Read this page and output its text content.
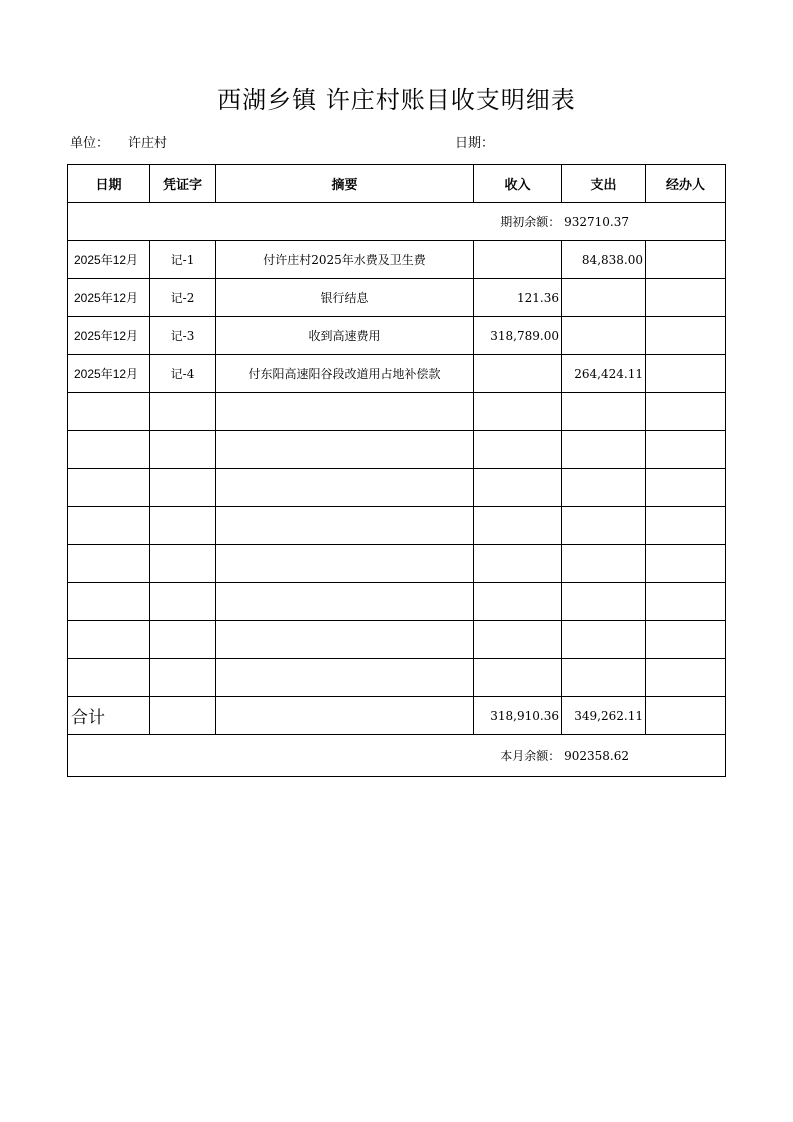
西湖乡镇 许庄村账目收支明细表
单位： 许庄村	日期：
日期	凭证字	摘要	收入	支出	经办人
期初余额： 932710.37					
2025年12月	记-1	付许庄村2025年水费及卫生费		84,838.00	
2025年12月	记-2	银行结息	121.36		
2025年12月	记-3	收到高速费用	318,789.00		
2025年12月	记-4	付东阳高速阳谷段改道用占地补偿款		264,424.11	

合计			318,910.36	349,262.11	
本月余额： 902358.62					
